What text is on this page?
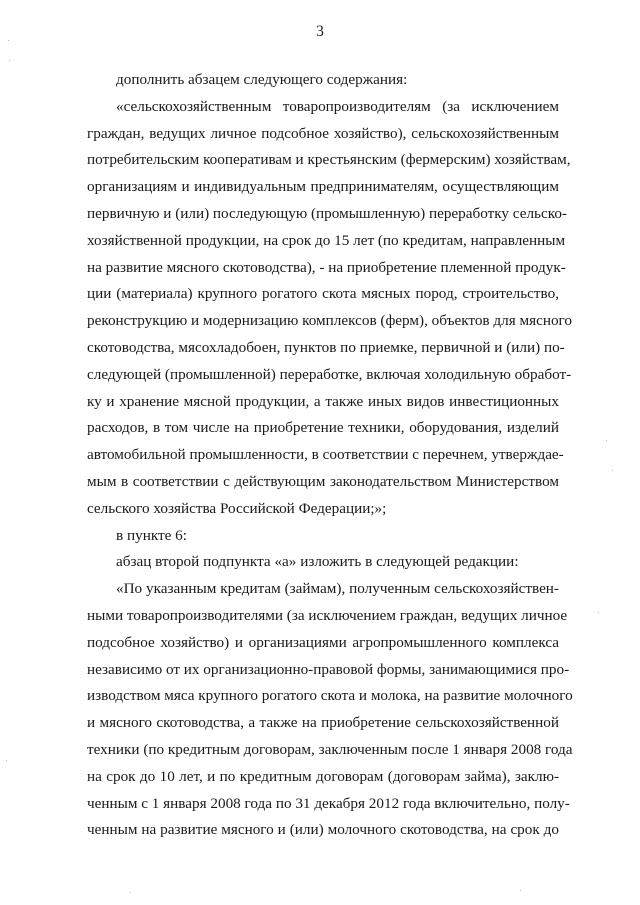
3
дополнить абзацем следующего содержания:
«сельскохозяйственным товаропроизводителям (за исключением
граждан, ведущих личное подсобное хозяйство), сельскохозяйственным
потребительским кооперативам и крестьянским (фермерским) хозяйствам,
организациям и индивидуальным предпринимателям, осуществляющим
первичную и (или) последующую (промышленную) переработку сельско-
хозяйственной продукции, на срок до 15 лет (по кредитам, направленным
на развитие мясного скотоводства), - на приобретение племенной продук-
ции (материала) крупного рогатого скота мясных пород, строительство,
реконструкцию и модернизацию комплексов (ферм), объектов для мясного
скотоводства, мясохладобоен, пунктов по приемке, первичной и (или) по-
следующей (промышленной) переработке, включая холодильную обработ-
ку и хранение мясной продукции, а также иных видов инвестиционных
расходов, в том числе на приобретение техники, оборудования, изделий
автомобильной промышленности, в соответствии с перечнем, утверждае-
мым в соответствии с действующим законодательством Министерством
сельского хозяйства Российской Федерации;»;
в пункте 6:
абзац второй подпункта «а» изложить в следующей редакции:
«По указанным кредитам (займам), полученным сельскохозяйствен-
ными товаропроизводителями (за исключением граждан, ведущих личное
подсобное хозяйство) и организациями агропромышленного комплекса
независимо от их организационно-правовой формы, занимающимися про-
изводством мяса крупного рогатого скота и молока, на развитие молочного
и мясного скотоводства, а также на приобретение сельскохозяйственной
техники (по кредитным договорам, заключенным после 1 января 2008 года
на срок до 10 лет, и по кредитным договорам (договорам займа), заклю-
ченным с 1 января 2008 года по 31 декабря 2012 года включительно, полу-
ченным на развитие мясного и (или) молочного скотоводства, на срок до
